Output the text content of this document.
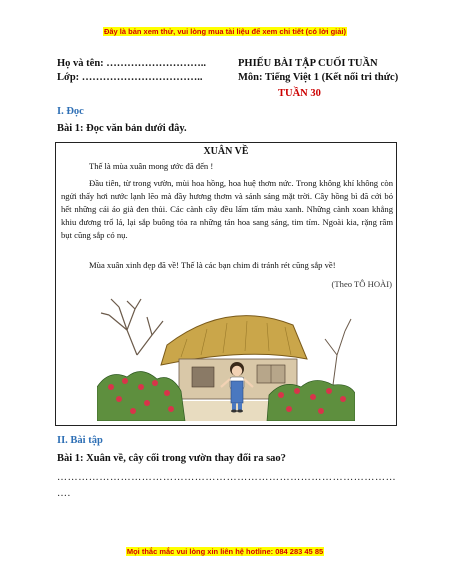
Đây là bản xem thử, vui lòng mua tài liệu để xem chi tiết (có lời giải)
Họ và tên: ………………………..	PHIẾU BÀI TẬP CUỐI TUẦN
Lớp: ……………………………..	Môn: Tiếng Việt 1 (Kết nối tri thức)
TUẦN 30
I. Đọc
Bài 1: Đọc văn bản dưới đây.
XUÂN VỀ
Thế là mùa xuân mong ước đã đến !
Đầu tiên, từ trong vườn, mùi hoa hồng, hoa huệ thơm nức. Trong không khí không còn ngửi thấy hơi nước lạnh lẽo mà đầy hương thơm và sánh sáng mặt trời. Cây hồng bì đã cởi bỏ hết những cái áo già đen thủi. Các cành cây đều lấm tấm màu xanh. Những cành xoan khẳng khiu đương trổ lá, lại sắp buông tỏa ra những tán hoa sang sáng, tim tím. Ngoài kia, rặng râm bụt cũng sắp có nụ.
Mùa xuân xinh đẹp đã về! Thế là các bạn chim đi tránh rét cũng sắp về!
(Theo TÔ HOÀI)
II. Bài tập
Bài 1: Xuân về, cây cối trong vườn thay đổi ra sao?
……………………………………………………………………………………
….
Mọi thắc mắc vui lòng xin liên hệ hotline: 084 283 45 85
